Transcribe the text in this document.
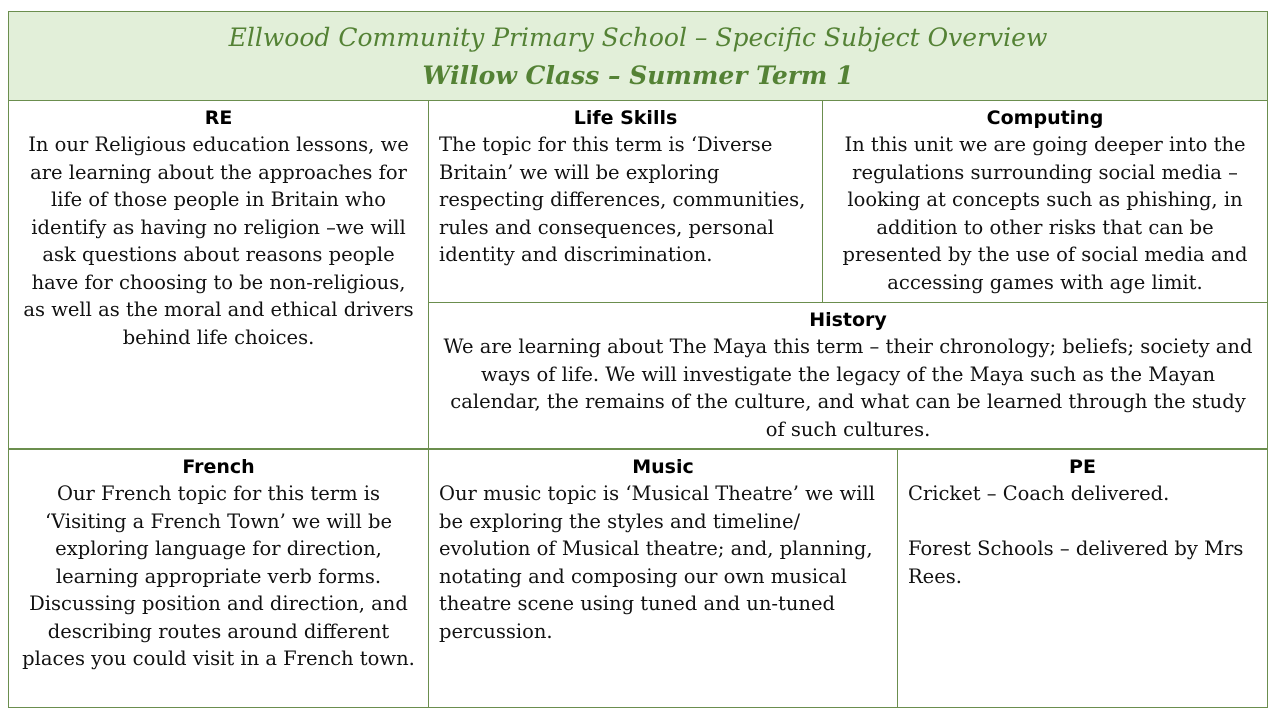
Ellwood Community Primary School – Specific Subject Overview
Willow Class – Summer Term 1
RE
In our Religious education lessons, we are learning about the approaches for life of those people in Britain who identify as having no religion –we will ask questions about reasons people have for choosing to be non-religious, as well as the moral and ethical drivers behind life choices.
Life Skills
The topic for this term is ‘Diverse Britain’ we will be exploring respecting differences, communities, rules and consequences, personal identity and discrimination.
Computing
In this unit we are going deeper into the regulations surrounding social media – looking at concepts such as phishing, in addition to other risks that can be presented by the use of social media and accessing games with age limit.
History
We are learning about The Maya this term – their chronology; beliefs; society and ways of life. We will investigate the legacy of the Maya such as the Mayan calendar, the remains of the culture, and what can be learned through the study of such cultures.
French
Our French topic for this term is ‘Visiting a French Town’ we will be exploring language for direction, learning appropriate verb forms. Discussing position and direction, and describing routes around different places you could visit in a French town.
Music
Our music topic is ‘Musical Theatre’ we will be exploring the styles and timeline/ evolution of Musical theatre; and, planning, notating and composing our own musical theatre scene using tuned and un-tuned percussion.
PE

Cricket – Coach delivered.

Forest Schools – delivered by Mrs Rees.
